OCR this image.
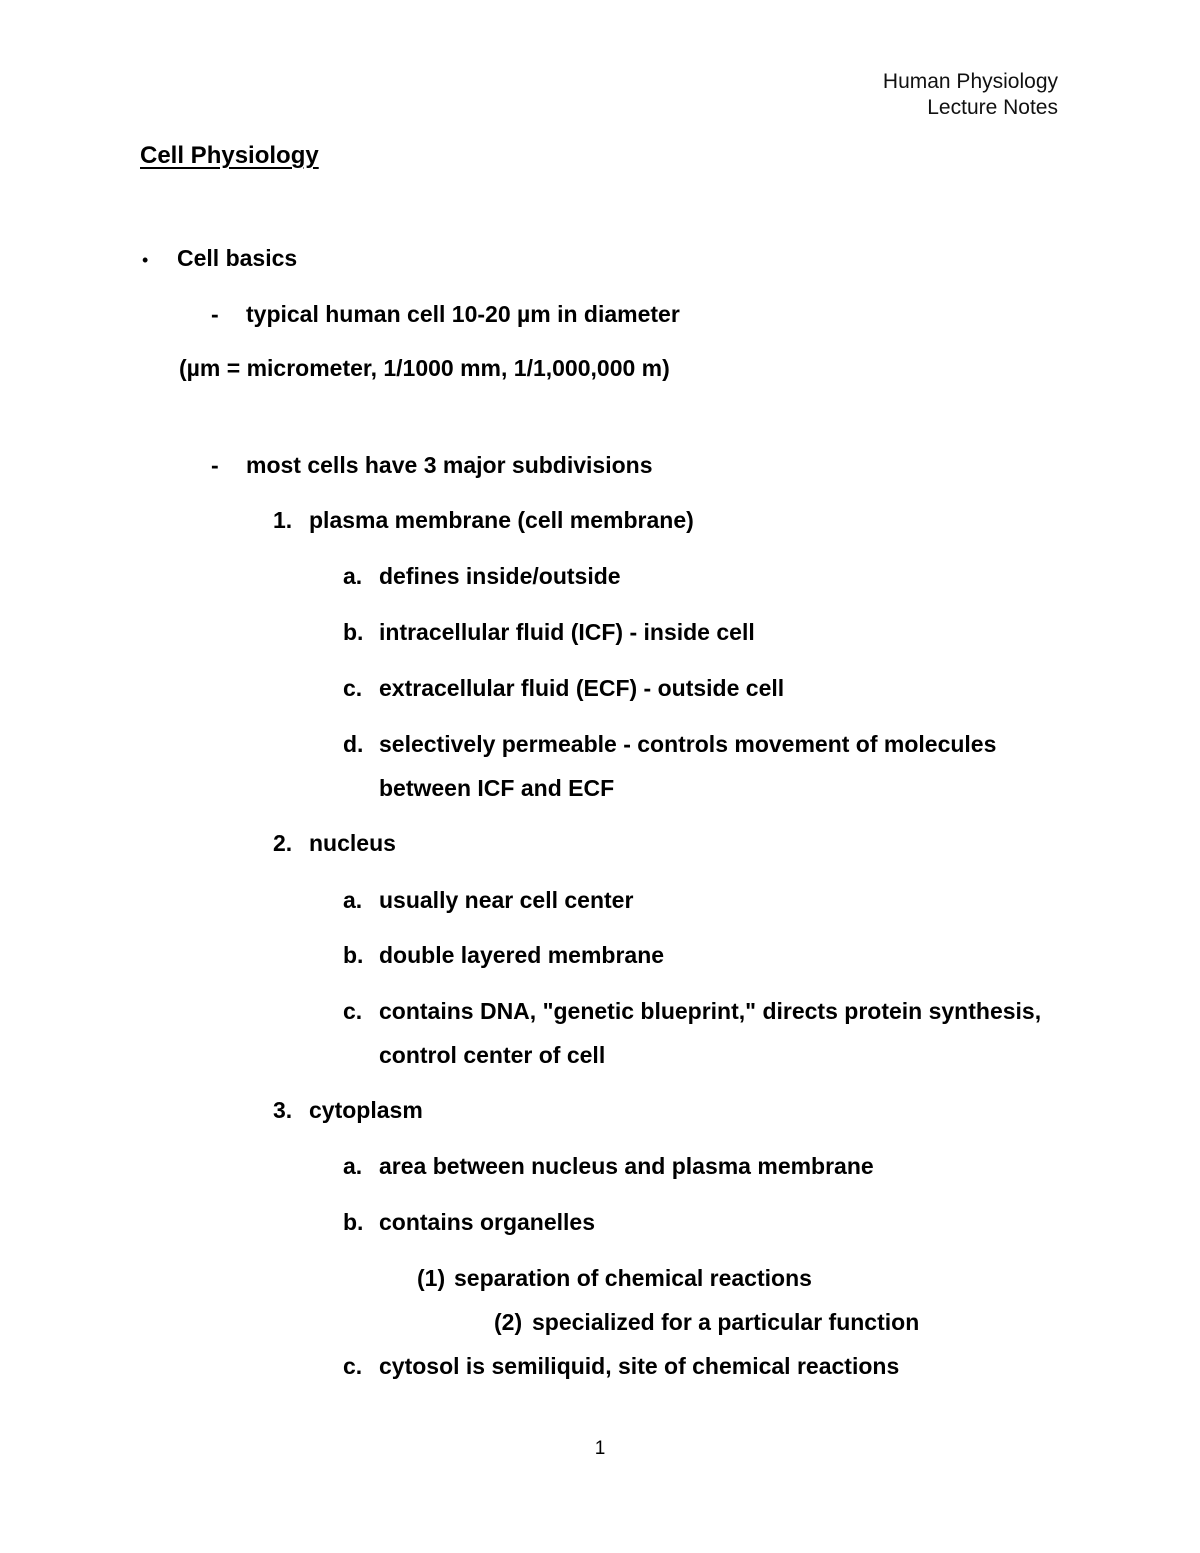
Human Physiology
Lecture Notes
Cell Physiology
• Cell basics
- typical human cell 10-20 µm in diameter
(µm = micrometer, 1/1000 mm, 1/1,000,000 m)
- most cells have 3 major subdivisions
1. plasma membrane (cell membrane)
a. defines inside/outside
b. intracellular fluid (ICF) - inside cell
c. extracellular fluid (ECF) - outside cell
d. selectively permeable - controls movement of molecules
between ICF and ECF
2. nucleus
a. usually near cell center
b. double layered membrane
c. contains DNA, "genetic blueprint," directs protein synthesis,
control center of cell
3. cytoplasm
a. area between nucleus and plasma membrane
b. contains organelles
(1) separation of chemical reactions
(2) specialized for a particular function
c. cytosol is semiliquid, site of chemical reactions
1
